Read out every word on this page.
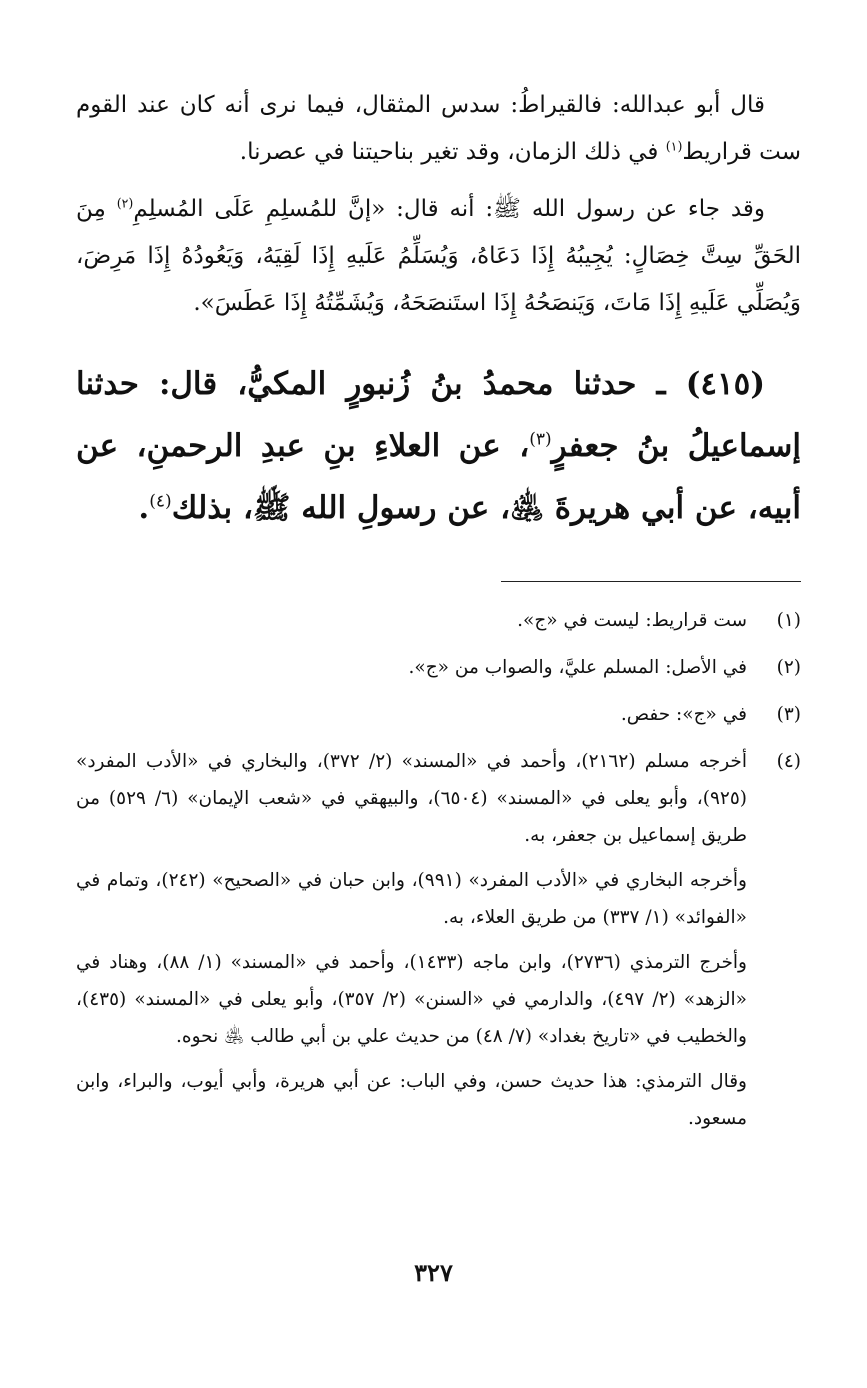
قال أبو عبدالله: فالقيراطُ: سدس المثقال، فيما نرى أنه كان عند القوم ست قراريط$^{(١)}$ في ذلك الزمان، وقد تغير بناحيتنا في عصرنا.

وقد جاء عن رسول الله ﷺ: أنه قال: «إنَّ للمُسلِمِ عَلَى المُسلِمِ$^{(٢)}$ مِنَ الحَقِّ سِتَّ خِصَالٍ: يُجِيبُهُ إِذَا دَعَاهُ، وَيُسَلِّمُ عَلَيهِ إِذَا لَقِيَهُ، وَيَعُودُهُ إِذَا مَرِضَ، وَيُصَلِّي عَلَيهِ إِذَا مَاتَ، وَيَنصَحُهُ إِذَا استَنصَحَهُ، وَيُشَمِّتُهُ إِذَا عَطَسَ».

(٤١٥) ـ حدثنا محمدُ بنُ زُنبورٍ المكيُّ، قال: حدثنا إسماعيلُ بنُ جعفرٍ$^{(٣)}$، عن العلاءِ بنِ عبدِ الرحمنِ، عن أبيه، عن أبي هريرةَ ﵁، عن رسولِ الله ﷺ، بذلك$^{(٤)}$.

(١)

ست قراريط: ليست في «ج».

(٢)

في الأصل: المسلم عليَّ، والصواب من «ج».

(٣)

في «ج»: حفص.

(٤)

أخرجه مسلم (٢١٦٢)، وأحمد في «المسند» (٢/ ٣٧٢)، والبخاري في «الأدب المفرد» (٩٢٥)، وأبو يعلى في «المسند» (٦٥٠٤)، والبيهقي في «شعب الإيمان» (٦/ ٥٢٩) من طريق إسماعيل بن جعفر، به.

وأخرجه البخاري في «الأدب المفرد» (٩٩١)، وابن حبان في «الصحيح» (٢٤٢)، وتمام في «الفوائد» (١/ ٣٣٧) من طريق العلاء، به.

وأخرج الترمذي (٢٧٣٦)، وابن ماجه (١٤٣٣)، وأحمد في «المسند» (١/ ٨٨)، وهناد في «الزهد» (٢/ ٤٩٧)، والدارمي في «السنن» (٢/ ٣٥٧)، وأبو يعلى في «المسند» (٤٣٥)، والخطيب في «تاريخ بغداد» (٧/ ٤٨) من حديث علي بن أبي طالب ﵁ نحوه.

وقال الترمذي: هذا حديث حسن، وفي الباب: عن أبي هريرة، وأبي أيوب، والبراء، وابن مسعود.

٣٢٧
